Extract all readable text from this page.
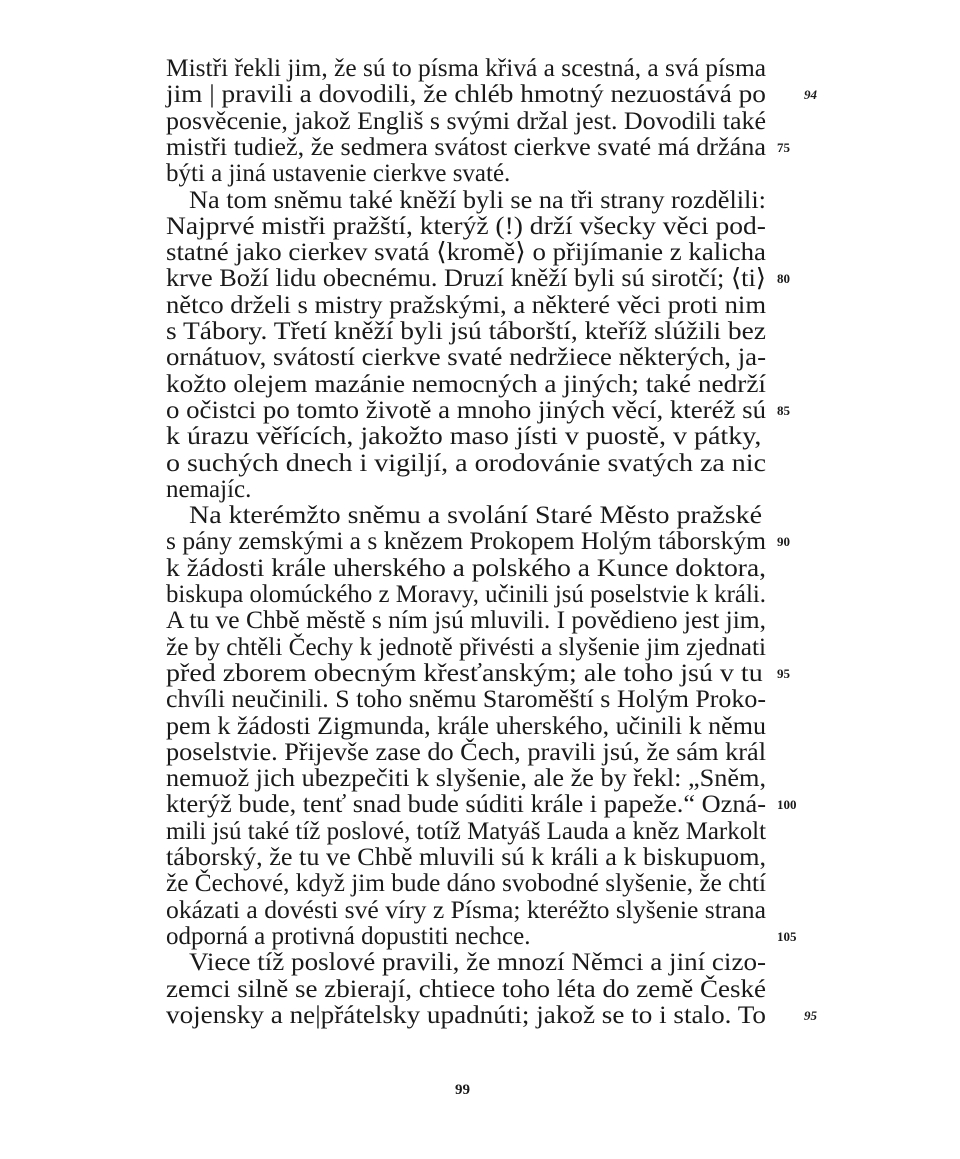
Mistři řekli jim, že sú to písma křivá a scestná, a svá písma
jim | pravili a dovodili, že chléb hmotný nezuostává po	94
posvěcenie, jakož Engliš s svými držal jest. Dovodili také
mistři tudiež, že sedmera svátost cierkve svaté má držána 75
býti a jiná ustavenie cierkve svaté.
Na tom sněmu také kněží byli se na tři strany rozdělili:
Najprvé mistři pražští, kterýž (!) drží všecky věci pod-
statné jako cierkev svatá ⟨kromě⟩ o přijímanie z kalicha
krve Boží lidu obecnému. Druzí kněží byli sú sirotčí; ⟨ti⟩ 80
nětco drželi s mistry pražskými, a některé věci proti nim
s Tábory. Třetí kněží byli jsú táborští, kteříž slúžili bez
ornátuov, svátostí cierkve svaté nedržiece některých, ja-
kožto olejem mazánie nemocných a jiných; také nedrží
o očistci po tomto životě a mnoho jiných věcí, kteréž sú 85
k úrazu věřících, jakožto maso jísti v puostě, v pátky,
o suchých dnech i vigiljí, a orodovánie svatých za nic
nemajíc.
Na kterémžto sněmu a svolání Staré Město pražské
s pány zemskými a s knězem Prokopem Holým táborským 90
k žádosti krále uherského a polského a Kunce doktora,
biskupa olomúckého z Moravy, učinili jsú poselstvie k králi.
A tu ve Chbě městě s ním jsú mluvili. I povědieno jest jim,
že by chtěli Čechy k jednotě přivésti a slyšenie jim zjednati
před zborem obecným křesťanským; ale toho jsú v tu 95
chvíli neučinili. S toho sněmu Staroměští s Holým Proko-
pem k žádosti Zigmunda, krále uherského, učinili k němu
poselstvie. Přijevše zase do Čech, pravili jsú, že sám král
nemuož jich ubezpečiti k slyšenie, ale že by řekl: „Sněm,
kterýž bude, tenť snad bude súditi krále i papeže.“ Ozná- 100
mili jsú také tíž poslové, totíž Matyáš Lauda a kněz Markolt
táborský, že tu ve Chbě mluvili sú k králi a k biskupuom,
že Čechové, když jim bude dáno svobodné slyšenie, že chtí
okázati a dovésti své víry z Písma; kteréžto slyšenie strana
odporná a protivná dopustiti nechce.	105
Viece tíž poslové pravili, že mnozí Němci a jiní cizo-
zemci silně se zbierají, chtiece toho léta do země České
vojensky a ne|přátelsky upadnúti; jakož se to i stalo. To	95
99
